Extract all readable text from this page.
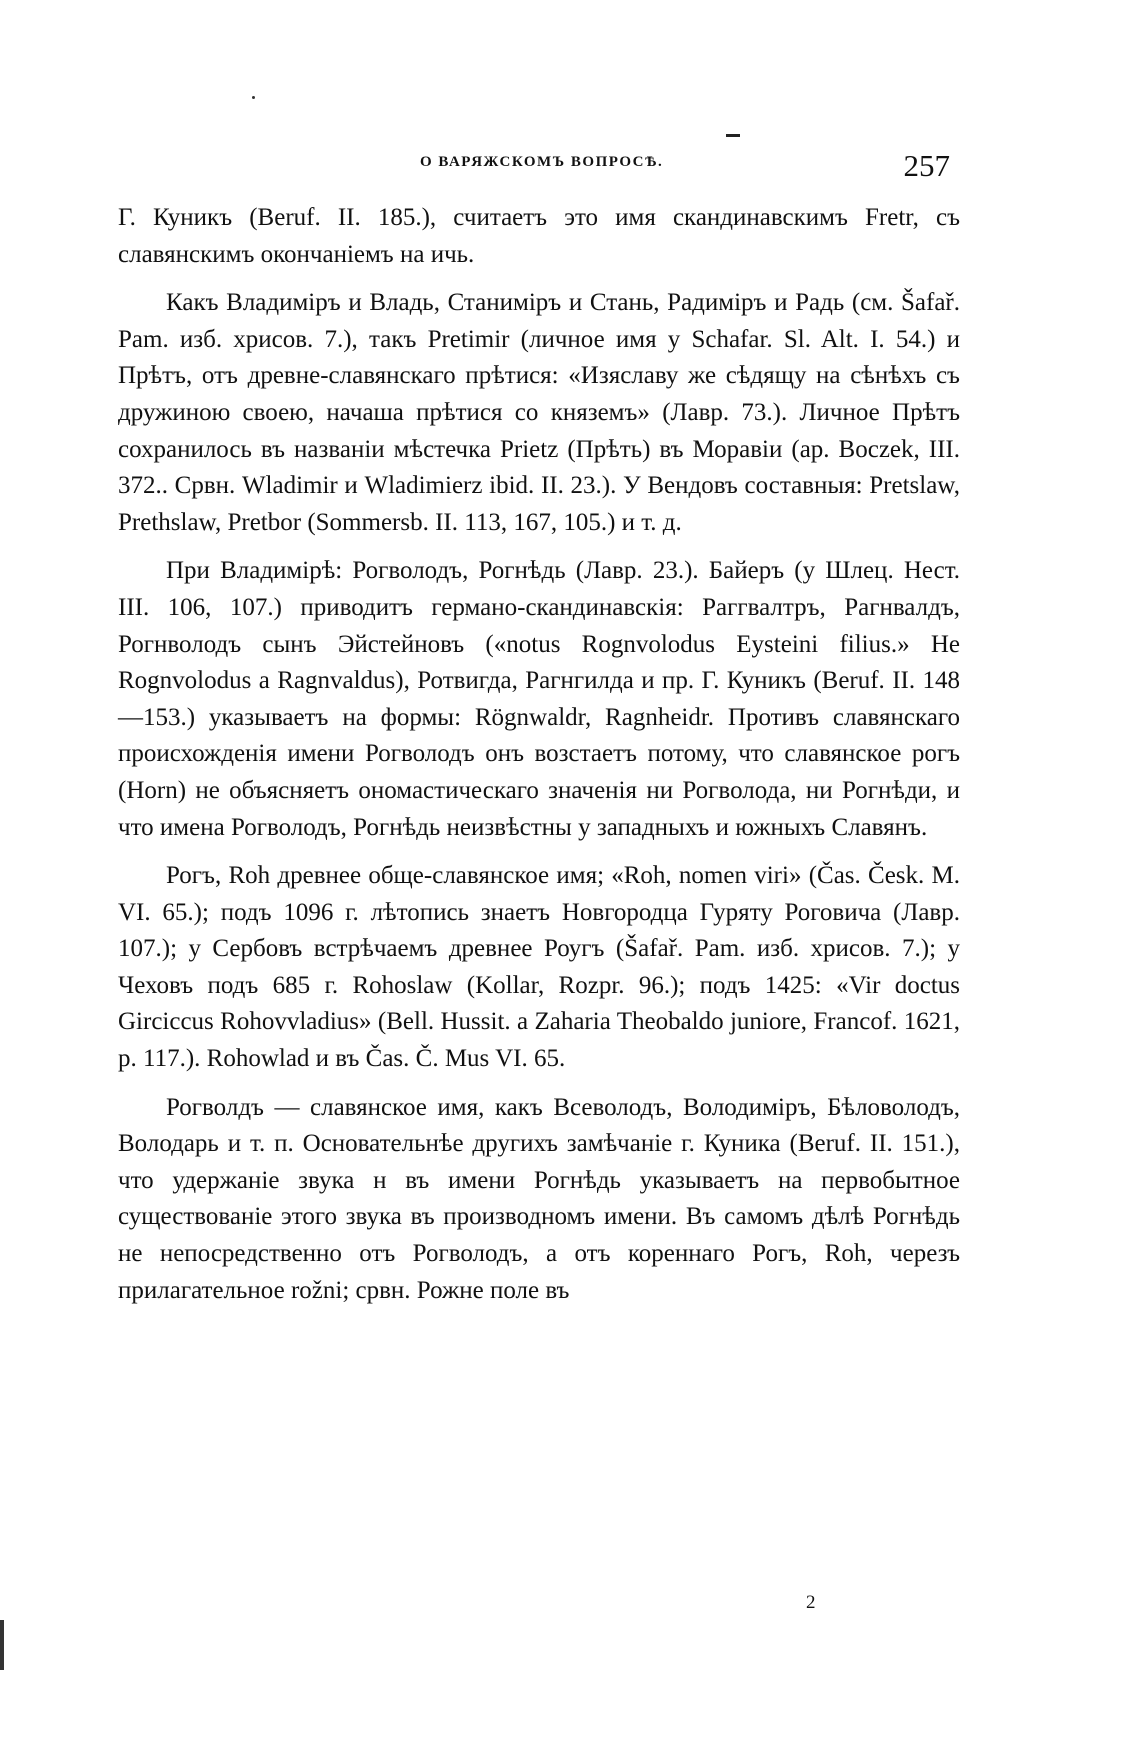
О ВАРЯЖСКОМЪ ВОПРОСѢ.	257

Г. Куникъ (Beruf. II. 185.), считаетъ это имя скандинавскимъ Fretr, съ славянскимъ окончаніемъ на ичь.

Какъ Владиміръ и Владь, Станиміръ и Стань, Радиміръ и Радь (см. Šafař. Pam. изб. хрисов. 7.), такъ Pretimir (личное имя у Schafar. Sl. Alt. I. 54.) и Прѣтъ, отъ древне-славянскаго прѣтися: «Изяславу же сѣдящу на сѣнѣхъ съ дружиною своею, начаша прѣтися со княземъ» (Лавр. 73.). Личное Прѣтъ сохранилось въ названіи мѣстечка Prietz (Прѣть) въ Моравіи (ap. Boczek, III. 372.. Срвн. Wladimir и Wladimierz ibid. II. 23.). У Вендовъ составныя: Pretslaw, Prethslaw, Pretbor (Sommersb. II. 113, 167, 105.) и т. д.

При Владимірѣ: Рогволодъ, Рогнѣдь (Лавр. 23.). Байеръ (у Шлец. Нест. III. 106, 107.) приводитъ германо-скандинавскія: Раггвалтръ, Рагнвалдъ, Рогнволодъ сынъ Эйстейновъ («notus Rognvolodus Eysteini filius.» Не Rognvolodus a Ragnvaldus), Ротвигда, Рагнгилда и пр. Г. Куникъ (Beruf. II. 148—153.) указываетъ на формы: Rögnwaldr, Ragnheidr. Противъ славянскаго происхожденія имени Рогволодъ онъ возстаетъ потому, что славянское рогъ (Horn) не объясняетъ ономастическаго значенія ни Рогволода, ни Рогнѣди, и что имена Рогволодъ, Рогнѣдь неизвѣстны у западныхъ и южныхъ Славянъ.

Рогъ, Roh древнее обще-славянское имя; «Roh, nomen viri» (Čas. Česk. M. VI. 65.); подъ 1096 г. лѣтопись знаетъ Новгородца Гуряту Роговича (Лавр. 107.); у Сербовъ встрѣчаемъ древнее Роугъ (Šafař. Pam. изб. хрисов. 7.); у Чеховъ подъ 685 г. Rohoslaw (Kollar, Rozpr. 96.); подъ 1425: «Vir doctus Girciccus Rohovvladius» (Bell. Hussit. a Zaharia Theobaldo juniore, Francof. 1621, p. 117.). Rohowlad и въ Čas. Č. Mus VI. 65.

Рогволдъ — славянское имя, какъ Всеволодъ, Володиміръ, Бѣловолодъ, Володарь и т. п. Основательнѣе другихъ замѣчаніе г. Куника (Beruf. II. 151.), что удержаніе звука н въ имени Рогнѣдь указываетъ на первобытное существованіе этого звука въ производномъ имени. Въ самомъ дѣлѣ Рогнѣдь не непосредственно отъ Рогволодъ, а отъ кореннаго Рогъ, Roh, черезъ прилагательное rožni; срвн. Рожне поле въ

2
